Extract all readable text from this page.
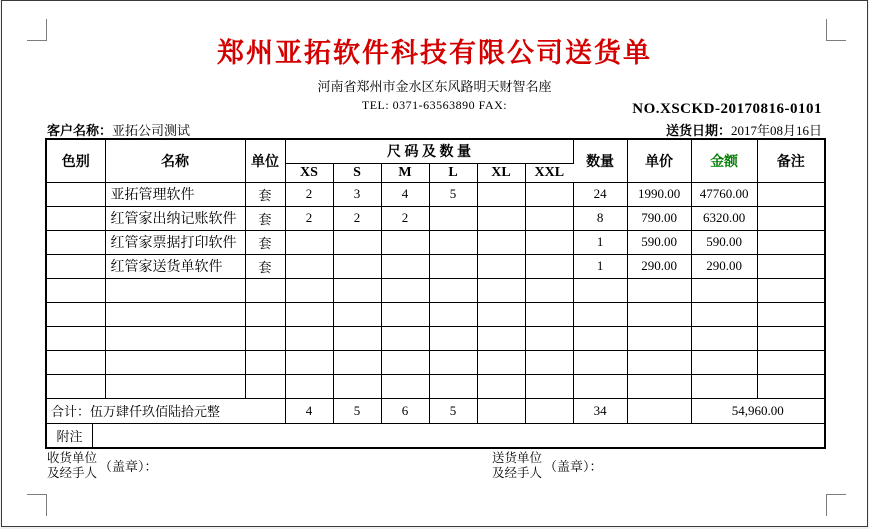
郑州亚拓软件科技有限公司送货单
河南省郑州市金水区东风路明天财智名座
TEL: 0371-63563890 FAX:	NO.XSCKD-20170816-0101
客户名称：亚拓公司测试	送货日期：2017年08月16日
色别	名称	单位	尺 码 及 数 量						数量	单价	金额	备注
			XS	S	M	L	XL	XXL				
	亚拓管理软件	套	2	3	4	5			24	1990.00	47760.00	
	红管家出纳记账软件	套	2	2	2				8	790.00	6320.00	
	红管家票据打印软件	套							1	590.00	590.00	
	红管家送货单软件	套							1	290.00	290.00	

合计：伍万肆仟玖佰陆拾元整			4	5	6	5			34		54,960.00	
附注
收货单位
及经手人 （盖章）：
送货单位
及经手人 （盖章）：
